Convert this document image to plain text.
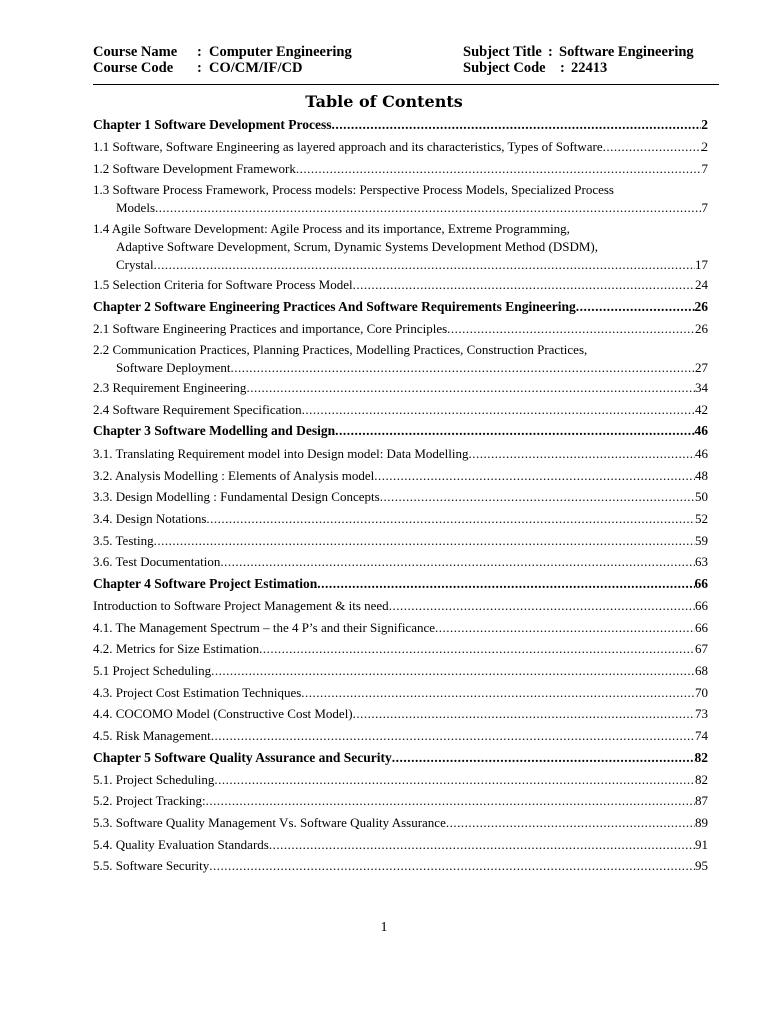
Course Name : Computer Engineering	Subject Title : Software Engineering
Course Code : CO/CM/IF/CD	Subject Code : 22413
Table of Contents
Chapter 1 Software Development Process .....	2
1.1 Software, Software Engineering as layered approach and its characteristics, Types of Software .....	2
1.2 Software Development Framework .....	7
1.3 Software Process Framework, Process models: Perspective Process Models, Specialized Process
Models .....	7
1.4 Agile Software Development: Agile Process and its importance, Extreme Programming,
Adaptive Software Development, Scrum, Dynamic Systems Development Method (DSDM),
Crystal .....	17
1.5 Selection Criteria for Software Process Model .....	24
Chapter 2 Software Engineering Practices And Software Requirements Engineering .....	26
2.1 Software Engineering Practices and importance, Core Principles .....	26
2.2 Communication Practices, Planning Practices, Modelling Practices, Construction Practices,
Software Deployment .....	27
2.3 Requirement Engineering .....	34
2.4 Software Requirement Specification .....	42
Chapter 3 Software Modelling and Design .....	46
3.1. Translating Requirement model into Design model: Data Modelling .....	46
3.2. Analysis Modelling : Elements of Analysis model .....	48
3.3. Design Modelling : Fundamental Design Concepts .....	50
3.4. Design Notations .....	52
3.5. Testing .....	59
3.6. Test Documentation .....	63
Chapter 4 Software Project Estimation .....	66
Introduction to Software Project Management & its need .....	66
4.1. The Management Spectrum – the 4 P’s and their Significance .....	66
4.2. Metrics for Size Estimation .....	67
5.1 Project Scheduling .....	68
4.3. Project Cost Estimation Techniques .....	70
4.4. COCOMO Model (Constructive Cost Model) .....	73
4.5. Risk Management .....	74
Chapter 5 Software Quality Assurance and Security .....	82
5.1. Project Scheduling .....	82
5.2. Project Tracking: .....	87
5.3. Software Quality Management Vs. Software Quality Assurance .....	89
5.4. Quality Evaluation Standards .....	91
5.5. Software Security .....	95
1
